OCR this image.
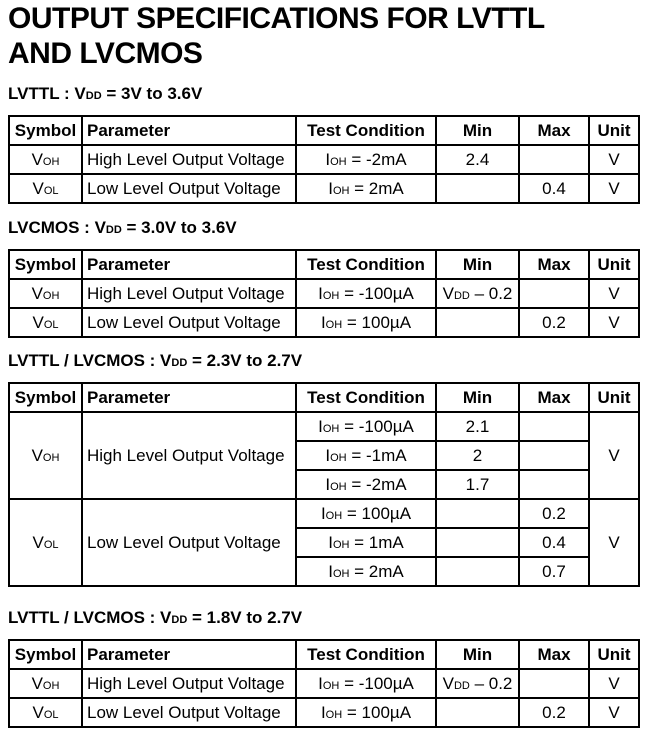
OUTPUT SPECIFICATIONS FOR LVTTL
AND LVCMOS
LVTTL : VDD = 3V to 3.6V
Symbol	Parameter	Test Condition	Min	Max	Unit
VOH	High Level Output Voltage	IOH = -2mA	2.4		V
VOL	Low Level Output Voltage	IOH = 2mA		0.4	V
LVCMOS : VDD = 3.0V to 3.6V
Symbol	Parameter	Test Condition	Min	Max	Unit
VOH	High Level Output Voltage	IOH = -100µA	VDD – 0.2		V
VOL	Low Level Output Voltage	IOH = 100µA		0.2	V
LVTTL / LVCMOS : VDD = 2.3V to 2.7V
Symbol	Parameter	Test Condition	Min	Max	Unit
VOH	High Level Output Voltage	IOH = -100µA	2.1		V
		IOH = -1mA	2		
		IOH = -2mA	1.7		
VOL	Low Level Output Voltage	IOH = 100µA		0.2	V
		IOH = 1mA		0.4	
		IOH = 2mA		0.7	
LVTTL / LVCMOS : VDD = 1.8V to 2.7V
Symbol	Parameter	Test Condition	Min	Max	Unit
VOH	High Level Output Voltage	IOH = -100µA	VDD – 0.2		V
VOL	Low Level Output Voltage	IOH = 100µA		0.2	V
